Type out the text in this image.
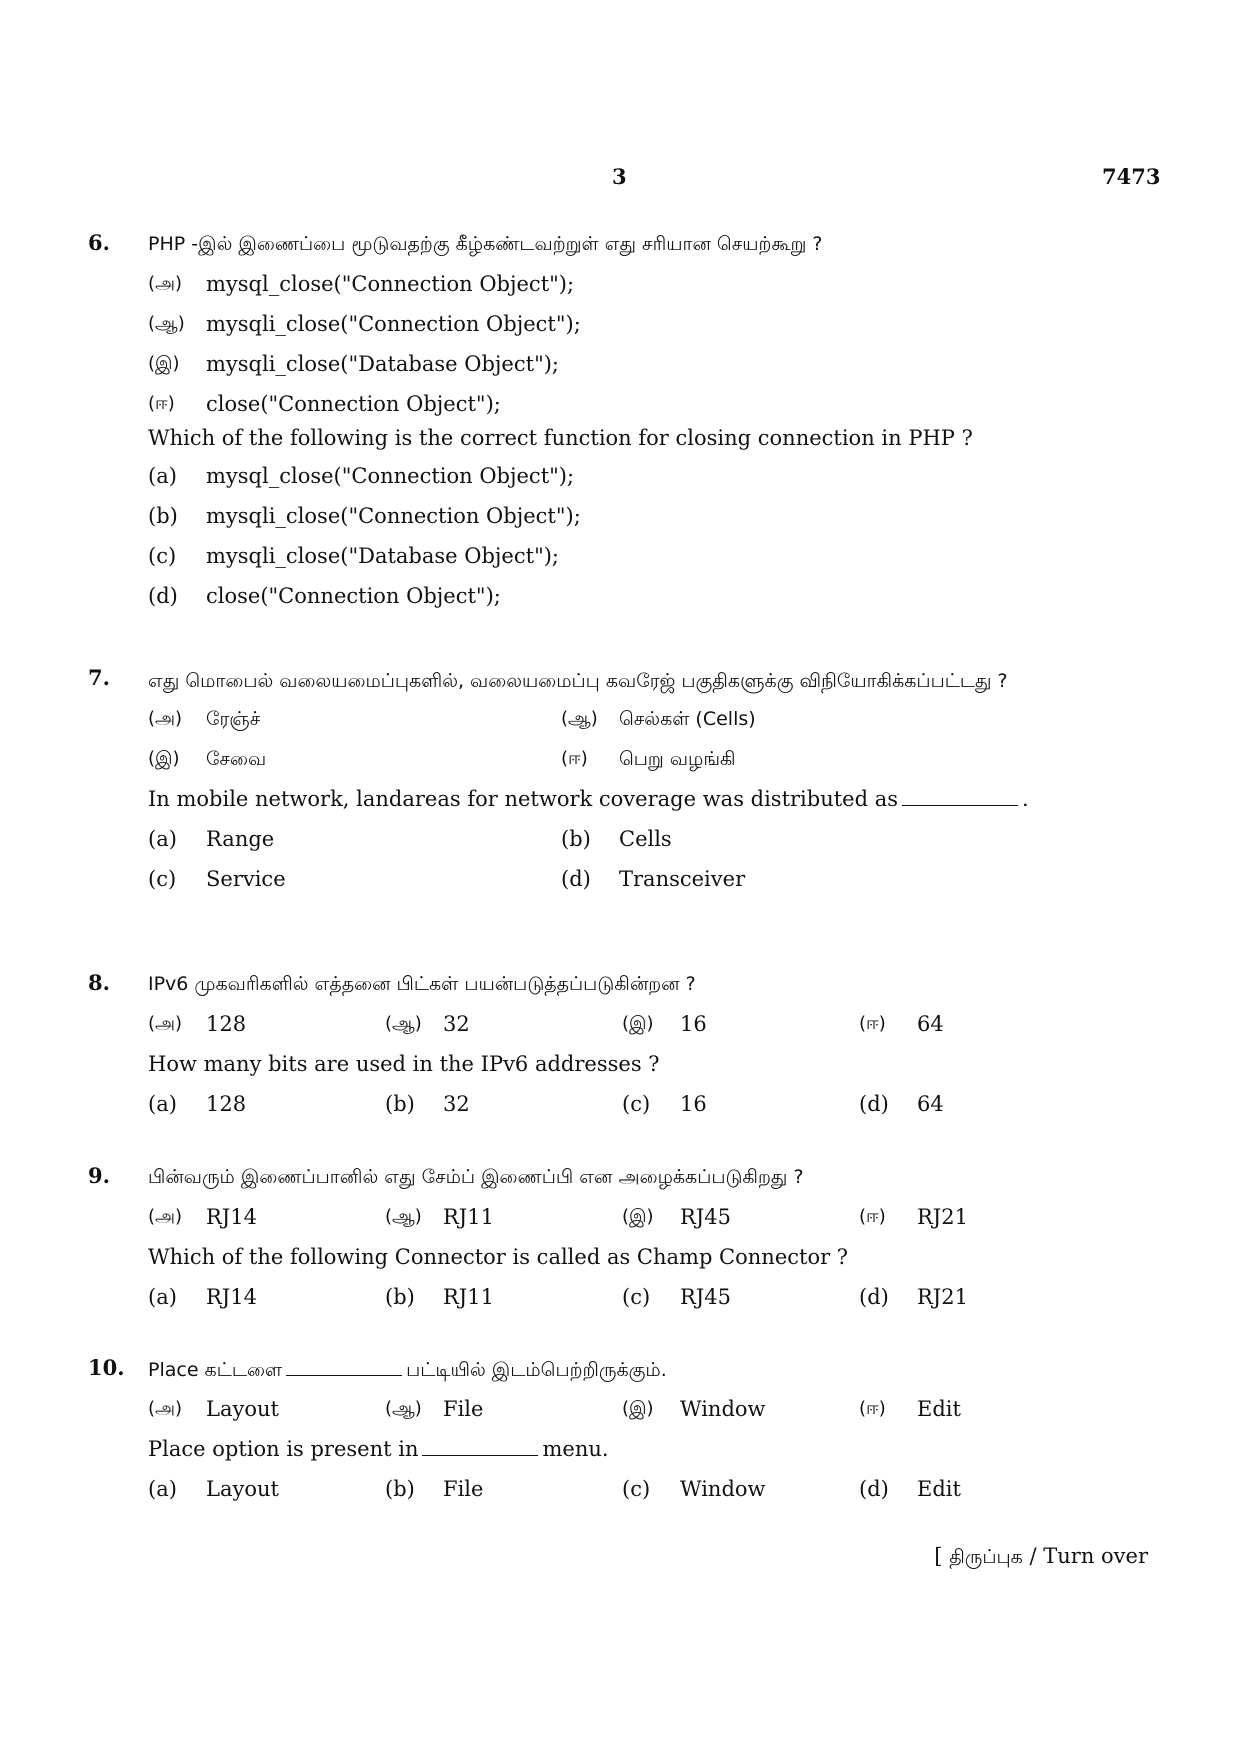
3	7473
6. PHP -இல் இணைப்பை மூடுவதற்கு கீழ்கண்டவற்றுள் எது சரியான செயற்கூறு ?
(அ)	mysql_close("Connection Object");
(ஆ)	mysqli_close("Connection Object");
(இ)	mysqli_close("Database Object");
(ஈ)	close("Connection Object");
Which of the following is the correct function for closing connection in PHP ?
(a)	mysql_close("Connection Object");
(b)	mysqli_close("Connection Object");
(c)	mysqli_close("Database Object");
(d)	close("Connection Object");
7. எது மொபைல் வலையமைப்புகளில், வலையமைப்பு கவரேஜ் பகுதிகளுக்கு விநியோகிக்கப்பட்டது ?
(அ)	ரேஞ்ச்	(ஆ)	செல்கள் (Cells)
(இ)	சேவை	(ஈ)	பெறு வழங்கி
In mobile network, landareas for network coverage was distributed as	.
(a)	Range	(b)	Cells
(c)	Service	(d)	Transceiver
8. IPv6 முகவரிகளில் எத்தனை பிட்கள் பயன்படுத்தப்படுகின்றன ?
(அ)	128	(ஆ)	32	(இ)	16	(ஈ)	64
How many bits are used in the IPv6 addresses ?
(a)	128	(b)	32	(c)	16	(d)	64
9. பின்வரும் இணைப்பானில் எது சேம்ப் இணைப்பி என அழைக்கப்படுகிறது ?
(அ)	RJ14	(ஆ)	RJ11	(இ)	RJ45	(ஈ)	RJ21
Which of the following Connector is called as Champ Connector ?
(a)	RJ14	(b)	RJ11	(c)	RJ45	(d)	RJ21
10. Place கட்டளை	பட்டியில் இடம்பெற்றிருக்கும்.
(அ)	Layout	(ஆ)	File	(இ)	Window	(ஈ)	Edit
Place option is present in	menu.
(a)	Layout	(b)	File	(c)	Window	(d)	Edit
[ திருப்புக / Turn over
